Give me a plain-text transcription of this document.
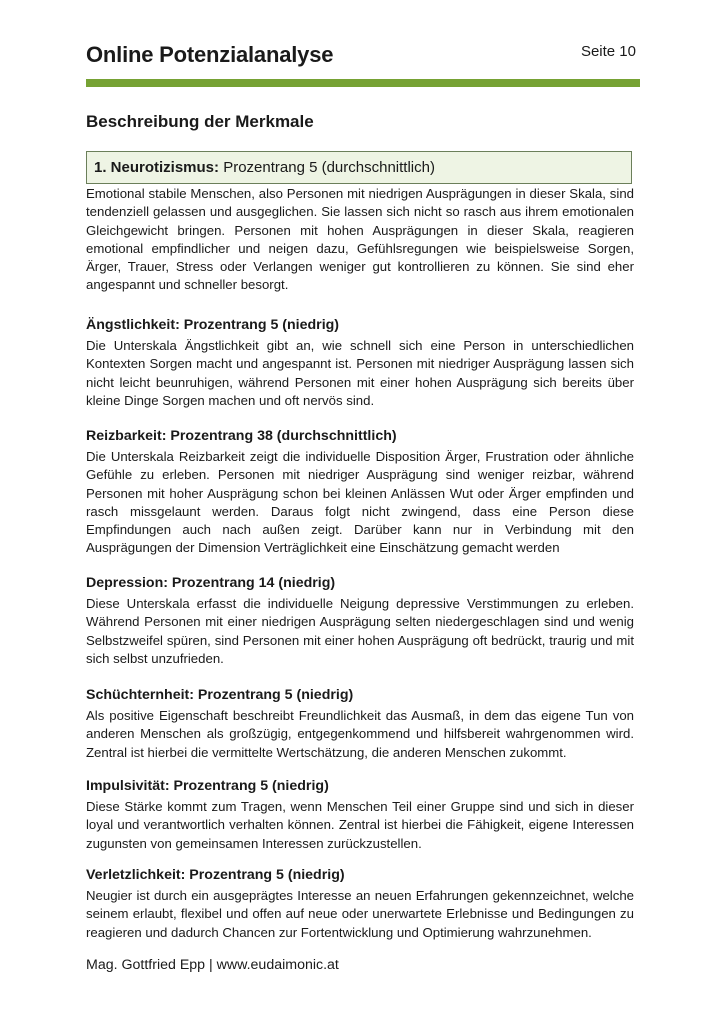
Online Potenzialanalyse	Seite 10
Beschreibung der Merkmale
1. Neurotizismus: Prozentrang 5 (durchschnittlich)
Emotional stabile Menschen, also Personen mit niedrigen Ausprägungen in dieser Skala, sind tendenziell gelassen und ausgeglichen. Sie lassen sich nicht so rasch aus ihrem emotionalen Gleichgewicht bringen. Personen mit hohen Ausprägungen in dieser Skala, reagieren emotional empfindlicher und neigen dazu, Gefühlsregungen wie beispielsweise Sorgen, Ärger, Trauer, Stress oder Verlangen weniger gut kontrollieren zu können. Sie sind eher angespannt und schneller besorgt.
Ängstlichkeit: Prozentrang 5 (niedrig)
Die Unterskala Ängstlichkeit gibt an, wie schnell sich eine Person in unterschiedlichen Kontexten Sorgen macht und angespannt ist. Personen mit niedriger Ausprägung lassen sich nicht leicht beunruhigen, während Personen mit einer hohen Ausprägung sich bereits über kleine Dinge Sorgen machen und oft nervös sind.
Reizbarkeit: Prozentrang 38 (durchschnittlich)
Die Unterskala Reizbarkeit zeigt die individuelle Disposition Ärger, Frustration oder ähnliche Gefühle zu erleben. Personen mit niedriger Ausprägung sind weniger reizbar, während Personen mit hoher Ausprägung schon bei kleinen Anlässen Wut oder Ärger empfinden und rasch missgelaunt werden. Daraus folgt nicht zwingend, dass eine Person diese Empfindungen auch nach außen zeigt. Darüber kann nur in Verbindung mit den Ausprägungen der Dimension Verträglichkeit eine Einschätzung gemacht werden
Depression: Prozentrang 14 (niedrig)
Diese Unterskala erfasst die individuelle Neigung depressive Verstimmungen zu erleben. Während Personen mit einer niedrigen Ausprägung selten niedergeschlagen sind und wenig Selbstzweifel spüren, sind Personen mit einer hohen Ausprägung oft bedrückt, traurig und mit sich selbst unzufrieden.
Schüchternheit: Prozentrang 5 (niedrig)
Als positive Eigenschaft beschreibt Freundlichkeit das Ausmaß, in dem das eigene Tun von anderen Menschen als großzügig, entgegenkommend und hilfsbereit wahrgenommen wird. Zentral ist hierbei die vermittelte Wertschätzung, die anderen Menschen zukommt.
Impulsivität: Prozentrang 5 (niedrig)
Diese Stärke kommt zum Tragen, wenn Menschen Teil einer Gruppe sind und sich in dieser loyal und verantwortlich verhalten können. Zentral ist hierbei die Fähigkeit, eigene Interessen zugunsten von gemeinsamen Interessen zurückzustellen.
Verletzlichkeit: Prozentrang 5 (niedrig)
Neugier ist durch ein ausgeprägtes Interesse an neuen Erfahrungen gekennzeichnet, welche seinem erlaubt, flexibel und offen auf neue oder unerwartete Erlebnisse und Bedingungen zu reagieren und dadurch Chancen zur Fortentwicklung und Optimierung wahrzunehmen.
Mag. Gottfried Epp | www.eudaimonic.at
